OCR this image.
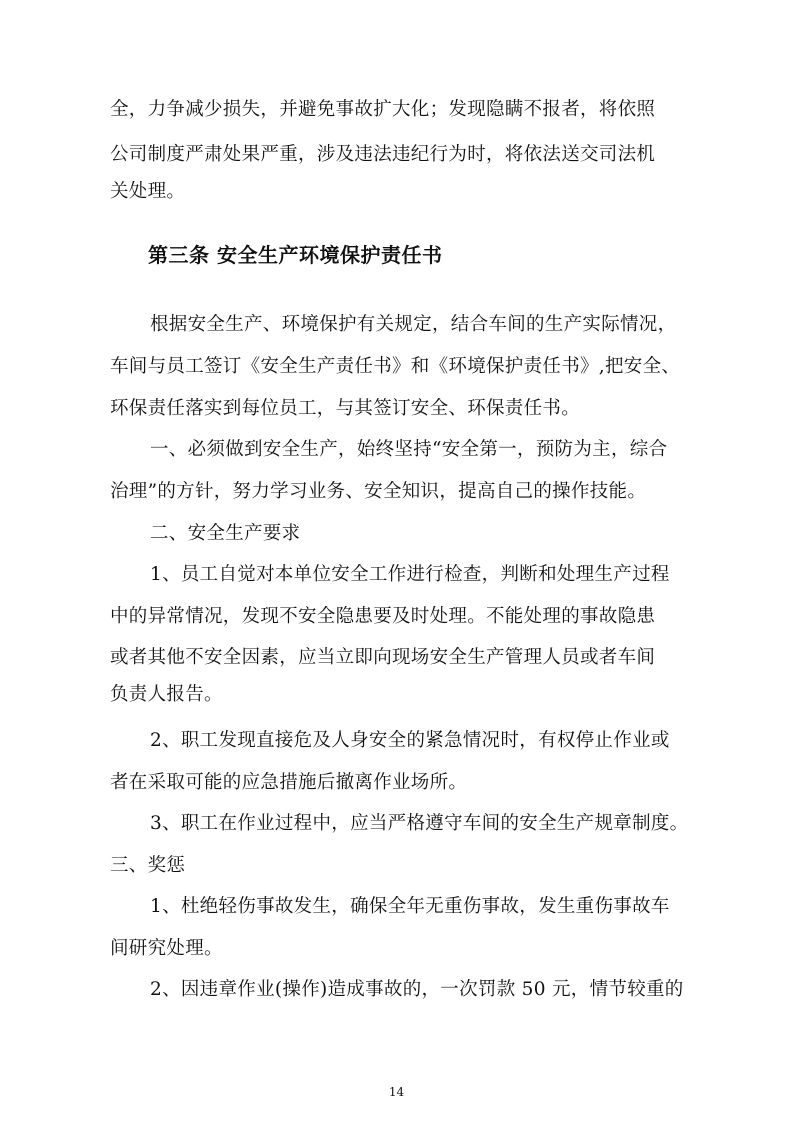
全，力争减少损失，并避免事故扩大化；发现隐瞒不报者，将依照
公司制度严肃处果严重，涉及违法违纪行为时，将依法送交司法机
关处理。
第三条 安全生产环境保护责任书
根据安全生产、环境保护有关规定，结合车间的生产实际情况，
车间与员工签订《安全生产责任书》和《环境保护责任书》,把安全、
环保责任落实到每位员工，与其签订安全、环保责任书。
一、必须做到安全生产，始终坚持“安全第一，预防为主，综合
治理”的方针，努力学习业务、安全知识，提高自己的操作技能。
二、安全生产要求
1、员工自觉对本单位安全工作进行检查，判断和处理生产过程
中的异常情况，发现不安全隐患要及时处理。不能处理的事故隐患
或者其他不安全因素，应当立即向现场安全生产管理人员或者车间
负责人报告。
2、职工发现直接危及人身安全的紧急情况时，有权停止作业或
者在采取可能的应急措施后撤离作业场所。
3、职工在作业过程中，应当严格遵守车间的安全生产规章制度。
三、奖惩
1、杜绝轻伤事故发生，确保全年无重伤事故，发生重伤事故车
间研究处理。
2、因违章作业(操作)造成事故的，一次罚款 50 元，情节较重的
14
